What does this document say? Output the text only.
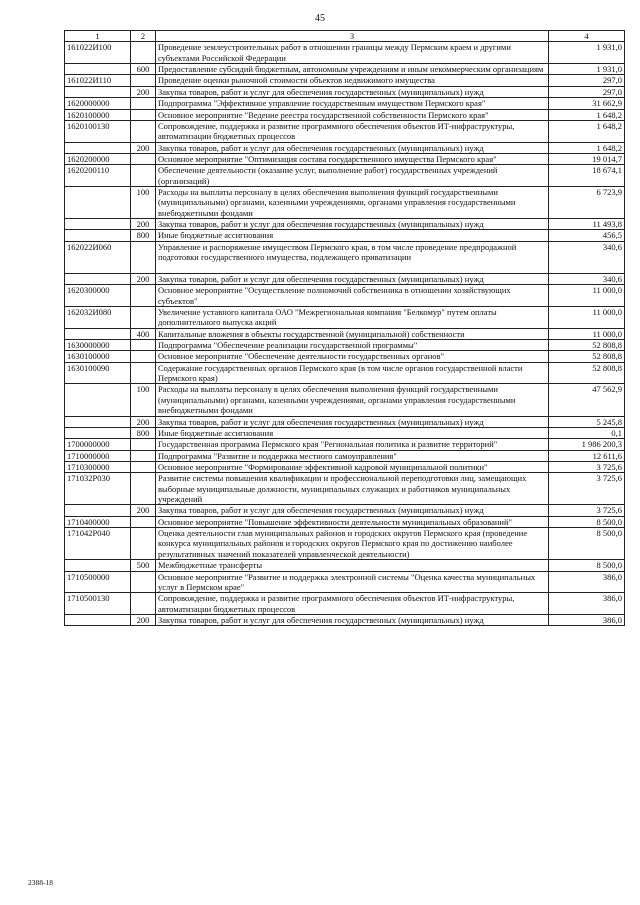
45
1	2	3	4
161022И100		Проведение землеустроительных работ в отношении границы между Пермским краем и другими субъектами Российской Федерации	1 931,0
	600	Предоставление субсидий бюджетным, автономным учреждениям и иным некоммерческим организациям	1 931,0
161022И110		Проведение оценки рыночной стоимости объектов недвижимого имущества	297,0
	200	Закупка товаров, работ и услуг для обеспечения государственных (муниципальных) нужд	297,0
1620000000		Подпрограмма "Эффективное управление государственным имуществом Пермского края"	31 662,9
1620100000		Основное мероприятие "Ведение реестра государственной собственности Пермского края"	1 648,2
1620100130		Сопровождение, поддержка и развитие программного обеспечения объектов ИТ-инфраструктуры, автоматизации бюджетных процессов	1 648,2
	200	Закупка товаров, работ и услуг для обеспечения государственных (муниципальных) нужд	1 648,2
1620200000		Основное мероприятие "Оптимизация состава государственного имущества Пермского края"	19 014,7
1620200110		Обеспечение деятельности (оказание услуг, выполнение работ) государственных учреждений (организаций)	18 674,1
	100	Расходы на выплаты персоналу в целях обеспечения выполнения функций государственными (муниципальными) органами, казенными учреждениями, органами управления государственными внебюджетными фондами	6 723,9
	200	Закупка товаров, работ и услуг для обеспечения государственных (муниципальных) нужд	11 493,8
	800	Иные бюджетные ассигнования	456,5
162022И060		Управление и распоряжение имуществом Пермского края, в том числе проведение предпродажной подготовки государственного имущества, подлежащего приватизации	340,6
	200	Закупка товаров, работ и услуг для обеспечения государственных (муниципальных) нужд	340,6
1620300000		Основное мероприятие "Осуществление полномочий собственника в отношении хозяйствующих субъектов"	11 000,0
162032И080		Увеличение уставного капитала ОАО "Межрегиональная компания "Белкомур" путем оплаты дополнительного выпуска акций	11 000,0
	400	Капитальные вложения в объекты государственной (муниципальной) собственности	11 000,0
1630000000		Подпрограмма "Обеспечение реализации государственной программы"	52 808,8
1630100000		Основное мероприятие "Обеспечение деятельности государственных органов"	52 808,8
1630100090		Содержание государственных органов Пермского края (в том числе органов государственной власти Пермского края)	52 808,8
	100	Расходы на выплаты персоналу в целях обеспечения выполнения функций государственными (муниципальными) органами, казенными учреждениями, органами управления государственными внебюджетными фондами	47 562,9
	200	Закупка товаров, работ и услуг для обеспечения государственных (муниципальных) нужд	5 245,8
	800	Иные бюджетные ассигнования	0,1
1700000000		Государственная программа Пермского края "Региональная политика и развитие территорий"	1 986 200,3
1710000000		Подпрограмма "Развитие и поддержка местного самоуправления"	12 611,6
1710300000		Основное мероприятие "Формирование эффективной кадровой муниципальной политики"	3 725,6
171032Р030		Развитие системы повышения квалификации и профессиональной переподготовки лиц, замещающих выборные муниципальные должности, муниципальных служащих и работников муниципальных учреждений	3 725,6
	200	Закупка товаров, работ и услуг для обеспечения государственных (муниципальных) нужд	3 725,6
1710400000		Основное мероприятие "Повышение эффективности деятельности муниципальных образований"	8 500,0
171042Р040		Оценка деятельности глав муниципальных районов и городских округов Пермского края (проведение конкурса муниципальных районов и городских округов Пермского края по достижению наиболее результативных значений показателей управленческой деятельности)	8 500,0
	500	Межбюджетные трансферты	8 500,0
1710500000		Основное мероприятие "Развитие и поддержка электронной системы "Оценка качества муниципальных услуг в Пермском крае"	386,0
1710500130		Сопровождение, поддержка и развитие программного обеспечения объектов ИТ-инфраструктуры, автоматизации бюджетных процессов	386,0
	200	Закупка товаров, работ и услуг для обеспечения государственных (муниципальных) нужд	386,0
2388-18
